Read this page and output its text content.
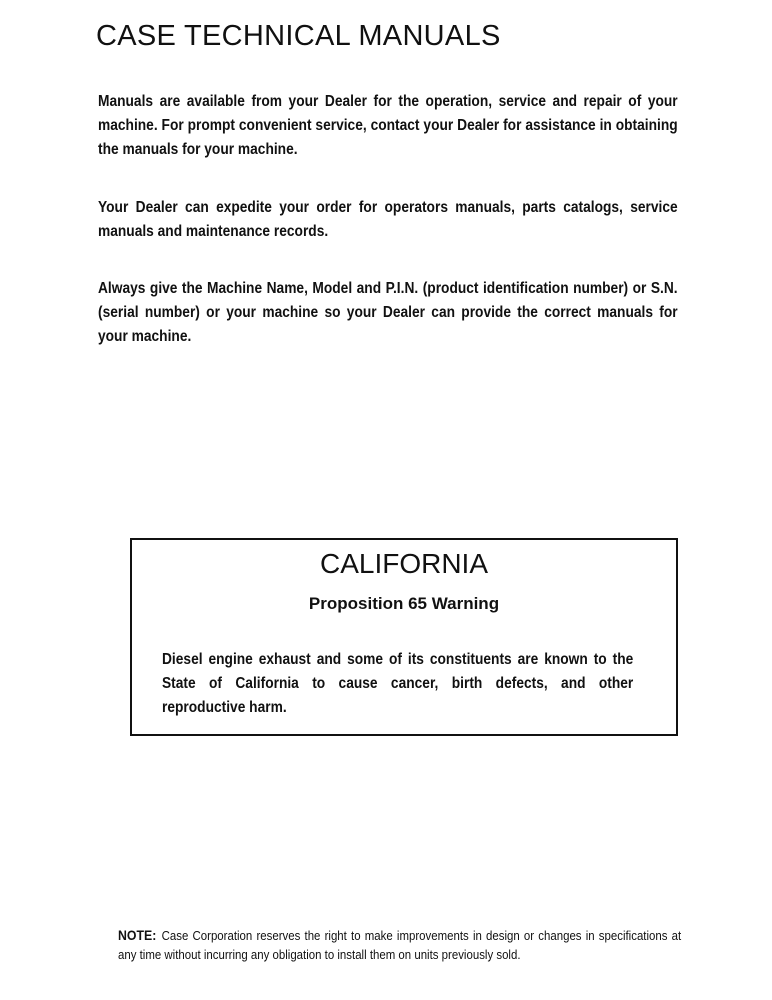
CASE TECHNICAL MANUALS

Manuals are available from your Dealer for the operation, service and repair of your machine. For prompt convenient service, contact your Dealer for assistance in obtaining the manuals for your machine.

Your Dealer can expedite your order for operators manuals, parts catalogs, service manuals and maintenance records.

Always give the Machine Name, Model and P.I.N. (product identification number) or S.N. (serial number) or your machine so your Dealer can provide the correct manuals for your machine.

CALIFORNIA
Proposition 65 Warning

Diesel engine exhaust and some of its constituents are known to the State of California to cause cancer, birth defects, and other reproductive harm.

NOTE: Case Corporation reserves the right to make improvements in design or changes in specifications at any time without incurring any obligation to install them on units previously sold.
